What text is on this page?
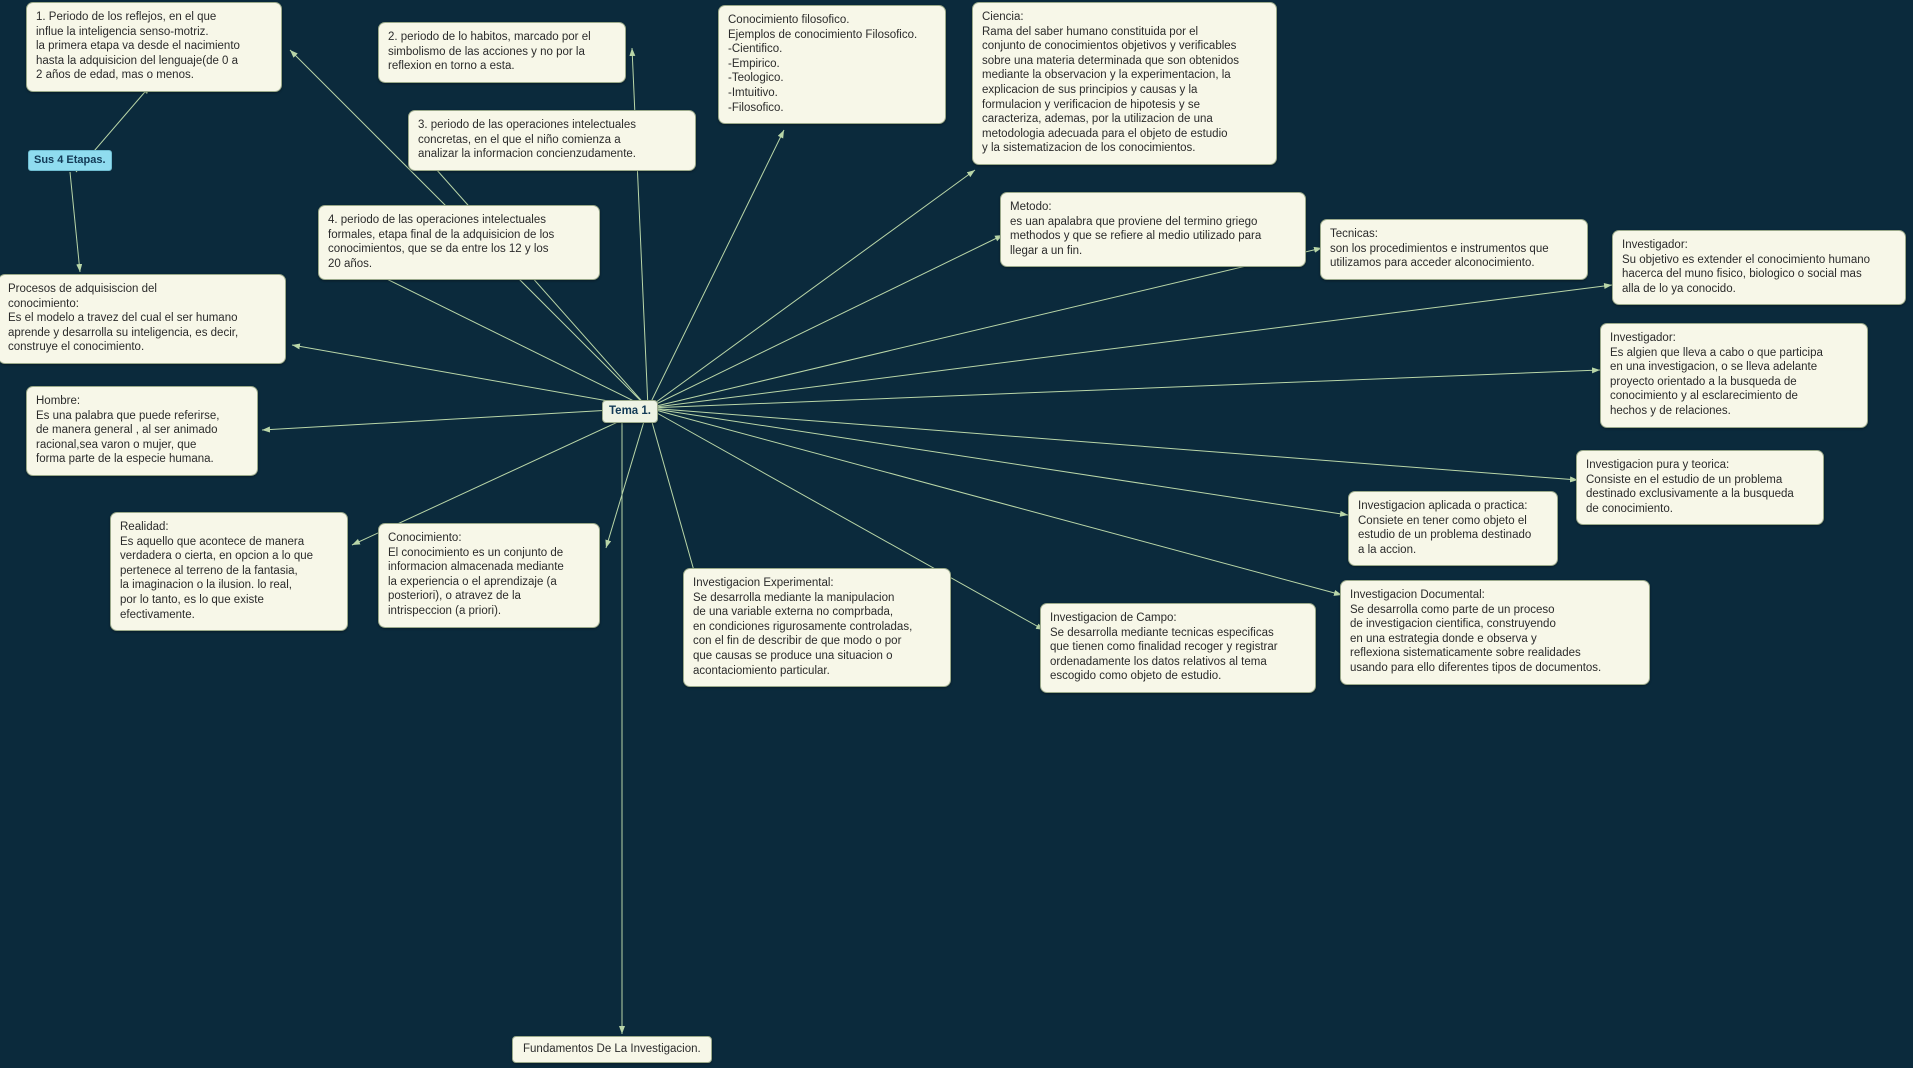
Sus 4 Etapas.
Tema 1.
Fundamentos De La Investigacion.
1. Periodo de los reflejos, en el que
influe la inteligencia senso-motriz.
la primera etapa va desde el nacimiento
hasta la adquisicion del lenguaje(de 0 a
2 años de edad, mas o menos.
2. periodo de lo habitos, marcado por el
simbolismo de las acciones y no por la
reflexion en torno a esta.
3. periodo de las operaciones intelectuales
concretas, en el que el niño comienza a
analizar la informacion concienzudamente.
4. periodo de las operaciones intelectuales
formales, etapa final de la adquisicion de los
conocimientos, que se da entre los 12 y los
20 años.
Conocimiento filosofico.
Ejemplos de conocimiento Filosofico.
-Cientifico.
-Empirico.
-Teologico.
-Imtuitivo.
-Filosofico.
Ciencia:
Rama del saber humano constituida por el
conjunto de conocimientos objetivos y verificables
sobre una materia determinada que son obtenidos
mediante la observacion y la experimentacion, la
explicacion de sus principios y causas y la
formulacion y verificacion de hipotesis y se
caracteriza, ademas, por la utilizacion de una
metodologia adecuada para el objeto de estudio
y la sistematizacion de los conocimientos.
Metodo:
es uan apalabra que proviene del termino griego
methodos y que se refiere al medio utilizado para
llegar a un fin.
Tecnicas:
son los procedimientos e instrumentos que
utilizamos para acceder alconocimiento.
Investigador:
Su objetivo es extender el conocimiento humano
hacerca del muno fisico, biologico o social mas
alla de lo ya conocido.
Procesos de adquisiscion del
conocimiento:
Es el modelo a travez del cual el ser humano
aprende y desarrolla su inteligencia, es decir,
construye el conocimiento.
Investigador:
Es algien que lleva a cabo o que participa
en una investigacion, o se lleva adelante
proyecto orientado a la busqueda de
conocimiento y al esclarecimiento de
hechos y de relaciones.
Hombre:
Es una palabra que puede referirse,
de manera general , al ser animado
racional,sea varon o mujer, que
forma parte de la especie humana.	Investigacion pura y teorica:
Consiste en el estudio de un problema
destinado exclusivamente a la busqueda
de conocimiento.
Investigacion aplicada o practica:
Consiete en tener como objeto el
estudio de un problema destinado
a la accion.
Realidad:
Es aquello que acontece de manera
verdadera o cierta, en opcion a lo que
pertenece al terreno de la fantasia,
la imaginacion o la ilusion. lo real,
por lo tanto, es lo que existe
efectivamente.
Conocimiento:
El conocimiento es un conjunto de
informacion almacenada mediante
la experiencia o el aprendizaje (a
posteriori), o atravez de la
intrispeccion (a priori).
Investigacion Documental:
Se desarrolla como parte de un proceso
de investigacion cientifica, construyendo
en una estrategia donde e observa y
reflexiona sistematicamente sobre realidades
usando para ello diferentes tipos de documentos.
Investigacion Experimental:
Se desarrolla mediante la manipulacion
de una variable externa no comprbada,
en condiciones rigurosamente controladas,
con el fin de describir de que modo o por
que causas se produce una situacion o
acontaciomiento particular.
Investigacion de Campo:
Se desarrolla mediante tecnicas especificas
que tienen como finalidad recoger y registrar
ordenadamente los datos relativos al tema
escogido como objeto de estudio.
